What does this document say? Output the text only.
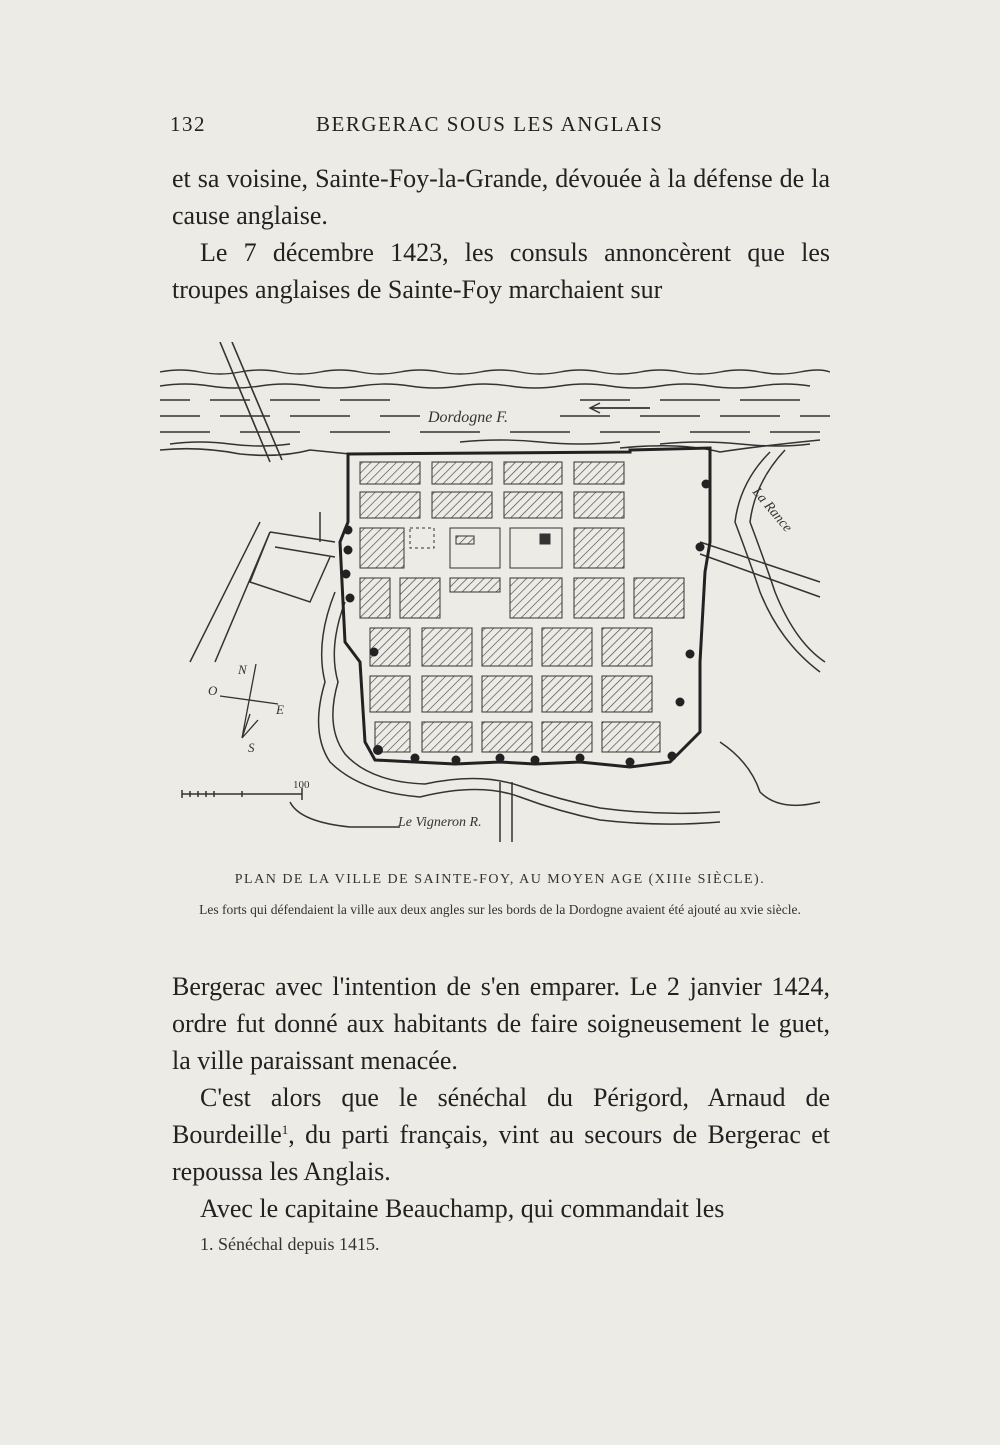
132	BERGERAC SOUS LES ANGLAIS

et sa voisine, Sainte-Foy-la-Grande, dévouée à la défense de la cause anglaise.

Le 7 décembre 1423, les consuls annoncèrent que les troupes anglaises de Sainte-Foy marchaient sur

Dordogne F.
La Rance
Le Vigneron R.
N
O
E
S
100
PLAN DE LA VILLE DE SAINTE-FOY, AU MOYEN AGE (XIIIe SIÈCLE).
Les forts qui défendaient la ville aux deux angles sur les bords de la Dordogne avaient été ajouté au xvie siècle.

Bergerac avec l'intention de s'en emparer. Le 2 janvier 1424, ordre fut donné aux habitants de faire soigneusement le guet, la ville paraissant menacée.

C'est alors que le sénéchal du Périgord, Arnaud de Bourdeille$^1$, du parti français, vint au secours de Bergerac et repoussa les Anglais.

Avec le capitaine Beauchamp, qui commandait les

1. Sénéchal depuis 1415.
